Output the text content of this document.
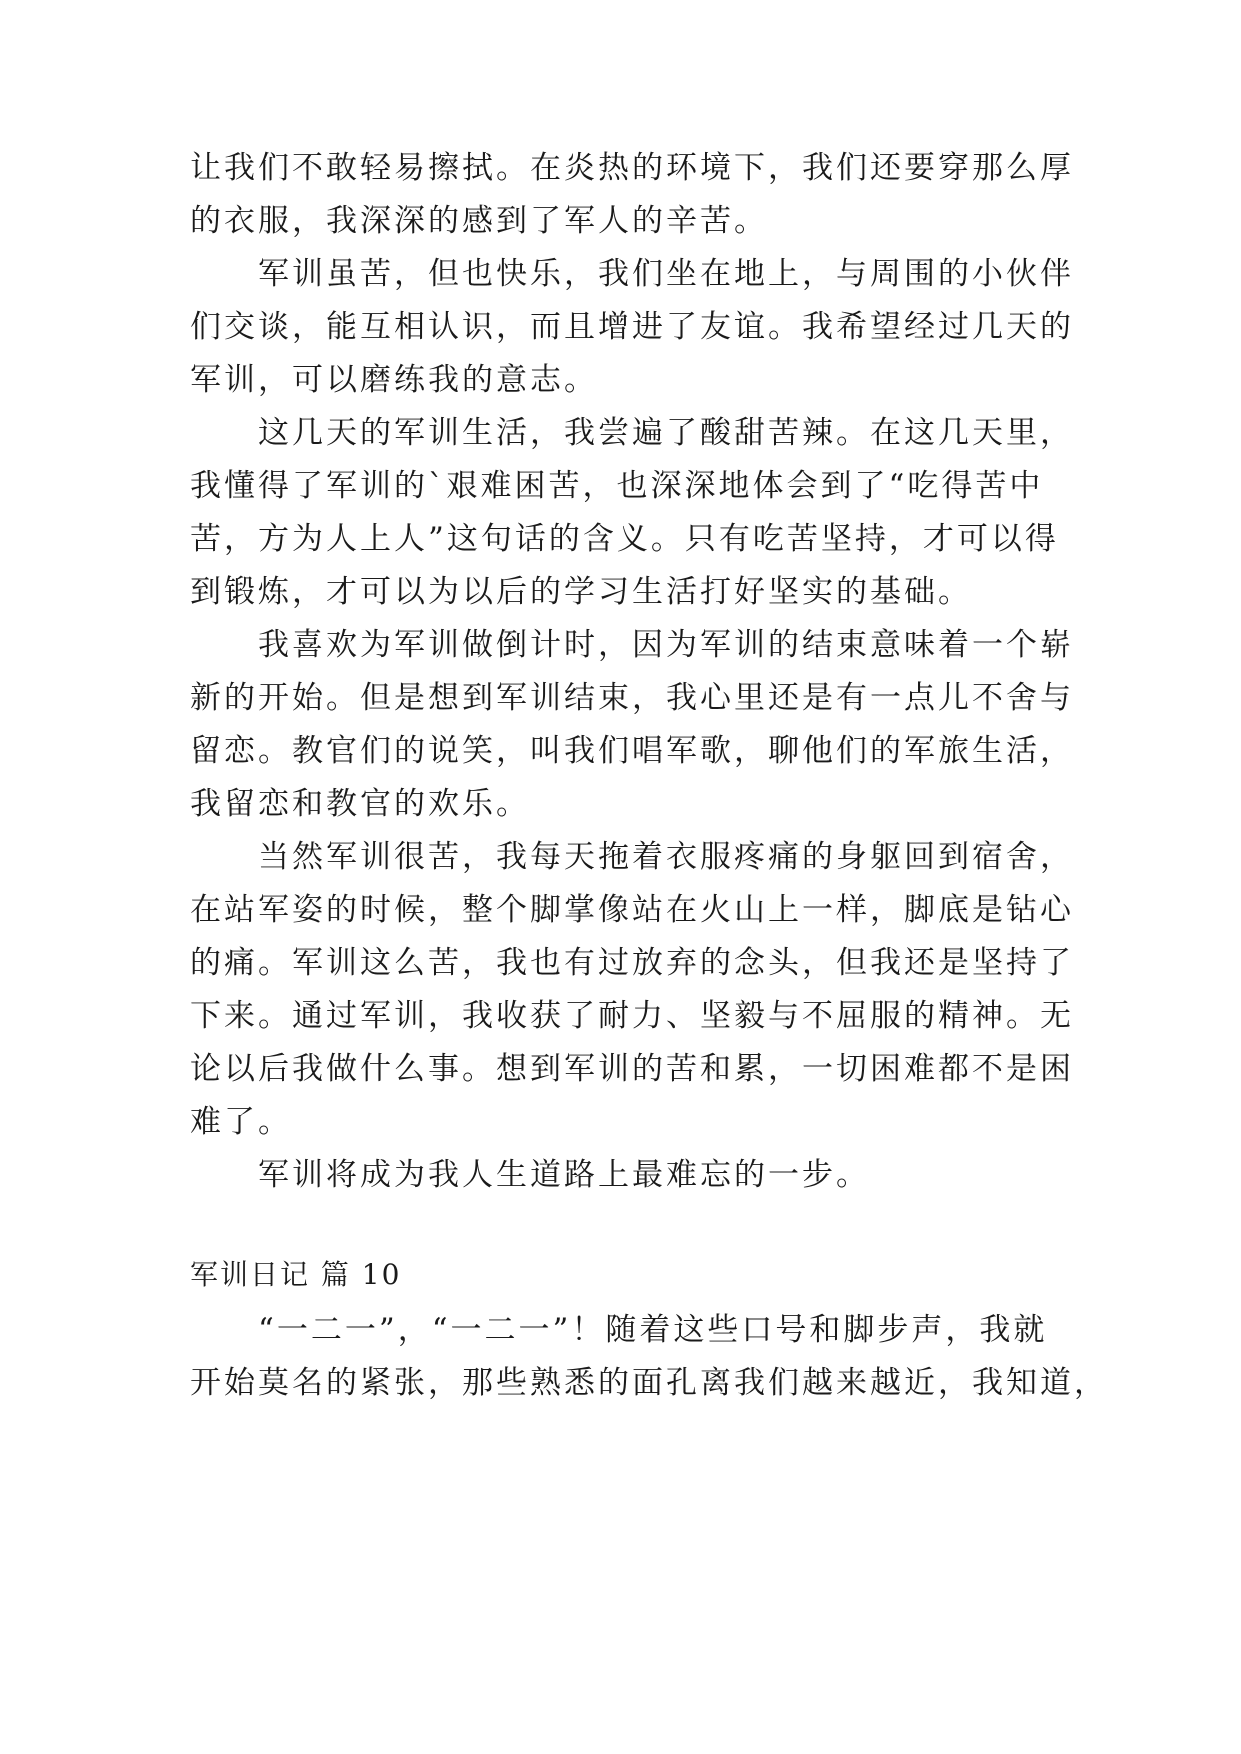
让我们不敢轻易擦拭。在炎热的环境下，我们还要穿那么厚
的衣服，我深深的感到了军人的辛苦。
　　军训虽苦，但也快乐，我们坐在地上，与周围的小伙伴
们交谈，能互相认识，而且增进了友谊。我希望经过几天的
军训，可以磨练我的意志。
　　这几天的军训生活，我尝遍了酸甜苦辣。在这几天里，
我懂得了军训的`艰难困苦，也深深地体会到了“吃得苦中
苦，方为人上人”这句话的含义。只有吃苦坚持，才可以得
到锻炼，才可以为以后的学习生活打好坚实的基础。
　　我喜欢为军训做倒计时，因为军训的结束意味着一个崭
新的开始。但是想到军训结束，我心里还是有一点儿不舍与
留恋。教官们的说笑，叫我们唱军歌，聊他们的军旅生活，
我留恋和教官的欢乐。
　　当然军训很苦，我每天拖着衣服疼痛的身躯回到宿舍，
在站军姿的时候，整个脚掌像站在火山上一样，脚底是钻心
的痛。军训这么苦，我也有过放弃的念头，但我还是坚持了
下来。通过军训，我收获了耐力、坚毅与不屈服的精神。无
论以后我做什么事。想到军训的苦和累，一切困难都不是困
难了。
　　军训将成为我人生道路上最难忘的一步。
军训日记 篇 10
　　“一二一”，“一二一”！随着这些口号和脚步声，我就
开始莫名的紧张，那些熟悉的面孔离我们越来越近，我知道，
